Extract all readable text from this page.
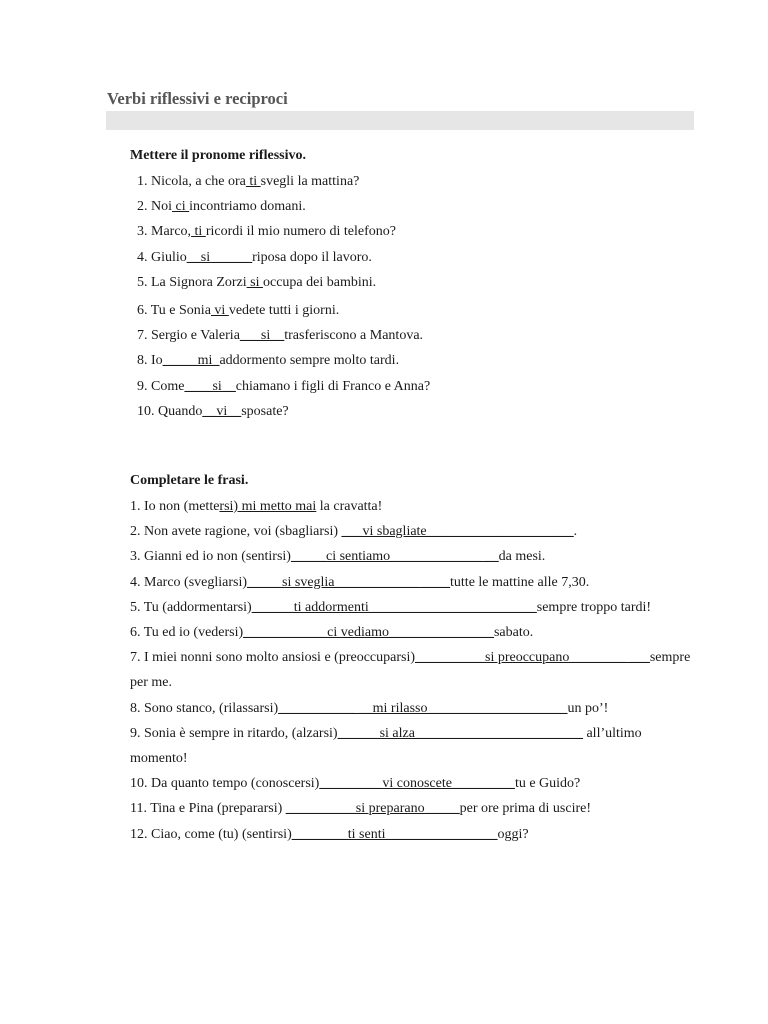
Verbi riflessivi e reciproci
Mettere il pronome riflessivo.
1. Nicola, a che ora ti svegli la mattina?
2. Noi ci incontriamo domani.
3. Marco, ti ricordi il mio numero di telefono?
4. Giulio__si______riposa dopo il lavoro.
5. La Signora Zorzi si occupa dei bambini.
6. Tu e Sonia vi vedete tutti i giorni.
7. Sergio e Valeria___si__trasferiscono a Mantova.
8. Io_____mi_addormento sempre molto tardi.
9. Come____si__chiamano i figli di Franco e Anna?
10. Quando__vi__sposate?
Completare le frasi.
1. Io non (mettersi) mi metto mai la cravatta!
2. Non avete ragione, voi (sbagliarsi) ___vi sbagliate_____________________.
3. Gianni ed io non (sentirsi)_____ci sentiamo_____________ __da mesi.
4. Marco (svegliarsi)_____si sveglia____________ ____tutte le mattine alle 7,30.
5. Tu (addormentarsi)______ti addormenti________________________sempre troppo tardi!
6. Tu ed io (vedersi)____________ci vediamo_______________sabato.
7. I miei nonni sono molto ansiosi e (preoccuparsi)__________si preoccupano________ ___sempre per me.
8. Sono stanco, (rilassarsi)___________ __mi rilasso____________________un po’!
9. Sonia è sempre in ritardo, (alzarsi)______si alza________________________ all’ultimo momento!
10. Da quanto tempo (conoscersi)_________vi conoscete_________tu e Guido?
11. Tina e Pina (prepararsi) __________si preparano_____per ore prima di uscire!
12. Ciao, come (tu) (sentirsi)________ti senti________________oggi?
